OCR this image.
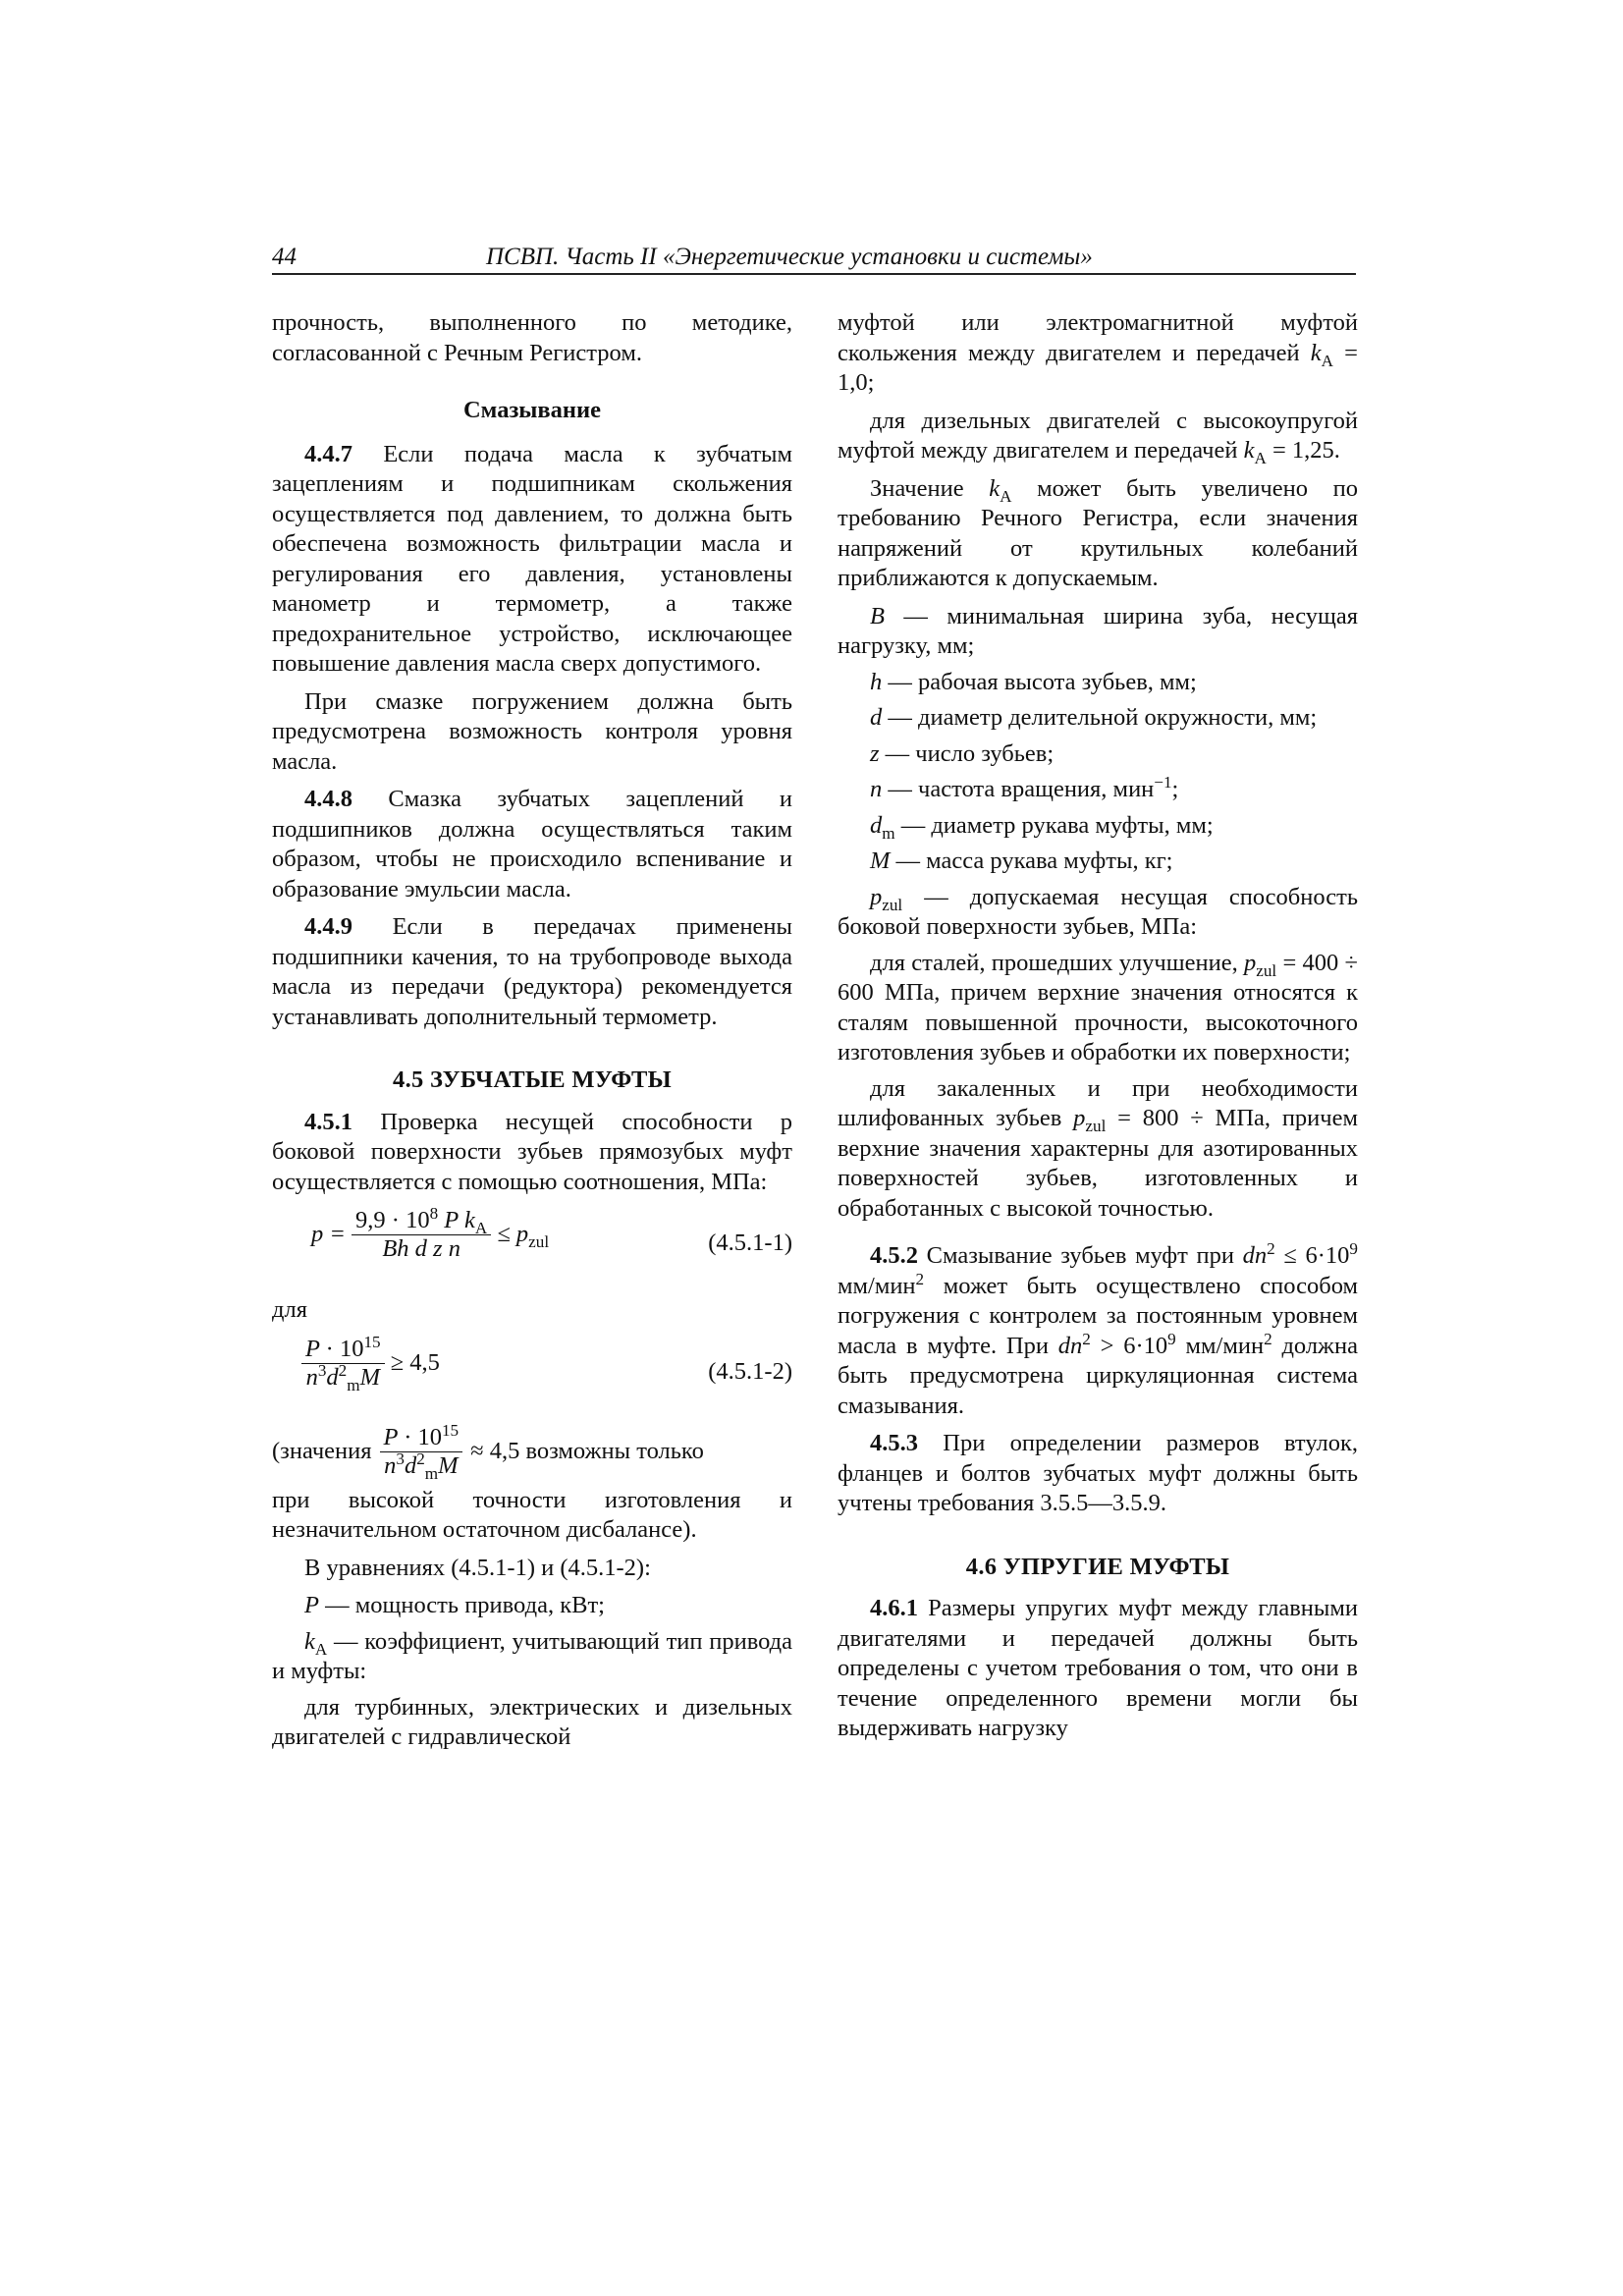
44	ПСВП. Часть II «Энергетические установки и системы»

прочность, выполненного по методике, согласованной с Речным Регистром.

Смазывание

4.4.7 Если подача масла к зубчатым зацеплениям и подшипникам скольжения осуществляется под давлением, то должна быть обеспечена возможность фильтрации масла и регулирования его давления, установлены манометр и термометр, а также предохранительное устройство, исключающее повышение давления масла сверх допустимого.

При смазке погружением должна быть предусмотрена возможность контроля уровня масла.

4.4.8 Смазка зубчатых зацеплений и подшипников должна осуществляться таким образом, чтобы не происходило вспенивание и образование эмульсии масла.

4.4.9 Если в передачах применены подшипники качения, то на трубопроводе выхода масла из передачи (редуктора) рекомендуется устанавливать дополнительный термометр.

4.5 ЗУБЧАТЫЕ МУФТЫ

4.5.1 Проверка несущей способности p боковой поверхности зубьев прямозубых муфт осуществляется с помощью соотношения, МПа:

$p = \frac{9,9 \cdot 10^8 P k_A}{\text{Bh d z n}} \le p_{zul}$	(4.5.1-1)

для

$\frac{P \cdot 10^{15}}{n^3d^2_mM} \ge 4,5$	(4.5.1-2)
(значения $\frac{P \cdot 10^{15}}{n^3d^2_mM} \approx 4,5$ возможны только

при высокой точности изготовления и незначительном остаточном дисбалансе).

В уравнениях (4.5.1-1) и (4.5.1-2):

P — мощность привода, кВт;

$k_A$ — коэффициент, учитывающий тип привода и муфты:

для турбинных, электрических и дизельных двигателей с гидравлической

муфтой или электромагнитной муфтой скольжения между двигателем и передачей $k_A = 1,0$;

для дизельных двигателей с высокоупругой муфтой между двигателем и передачей $k_A = 1,25$.

Значение $k_A$ может быть увеличено по требованию Речного Регистра, если значения напряжений от крутильных колебаний приближаются к допускаемым.

B — минимальная ширина зуба, несущая нагрузку, мм;

h — рабочая высота зубьев, мм;

d — диаметр делительной окружности, мм;

z — число зубьев;

n — частота вращения, мин$^{-1}$;

$d_m$ — диаметр рукава муфты, мм;

M — масса рукава муфты, кг;

$p_{zul}$ — допускаемая несущая способность боковой поверхности зубьев, МПа:

для сталей, прошедших улучшение, $p_{zul} = 400 \div 600$ МПа, причем верхние значения относятся к сталям повышенной прочности, высокоточного изготовления зубьев и обработки их поверхности;

для закаленных и при необходимости шлифованных зубьев $p_{zul} = 800$ ÷ МПа, причем верхние значения характерны для азотированных поверхностей зубьев, изготовленных и обработанных с высокой точностью.

4.5.2 Смазывание зубьев муфт при $dn^2 \le 6\cdot 10^9$ мм/мин$^2$ может быть осуществлено способом погружения с контролем за постоянным уровнем масла в муфте. При $dn^2 > 6\cdot 10^9$ мм/мин$^2$ должна быть предусмотрена циркуляционная система смазывания.

4.5.3 При определении размеров втулок, фланцев и болтов зубчатых муфт должны быть учтены требования 3.5.5—3.5.9.

4.6 УПРУГИЕ МУФТЫ

4.6.1 Размеры упругих муфт между главными двигателями и передачей должны быть определены с учетом требования о том, что они в течение определенного времени могли бы выдерживать нагрузку
